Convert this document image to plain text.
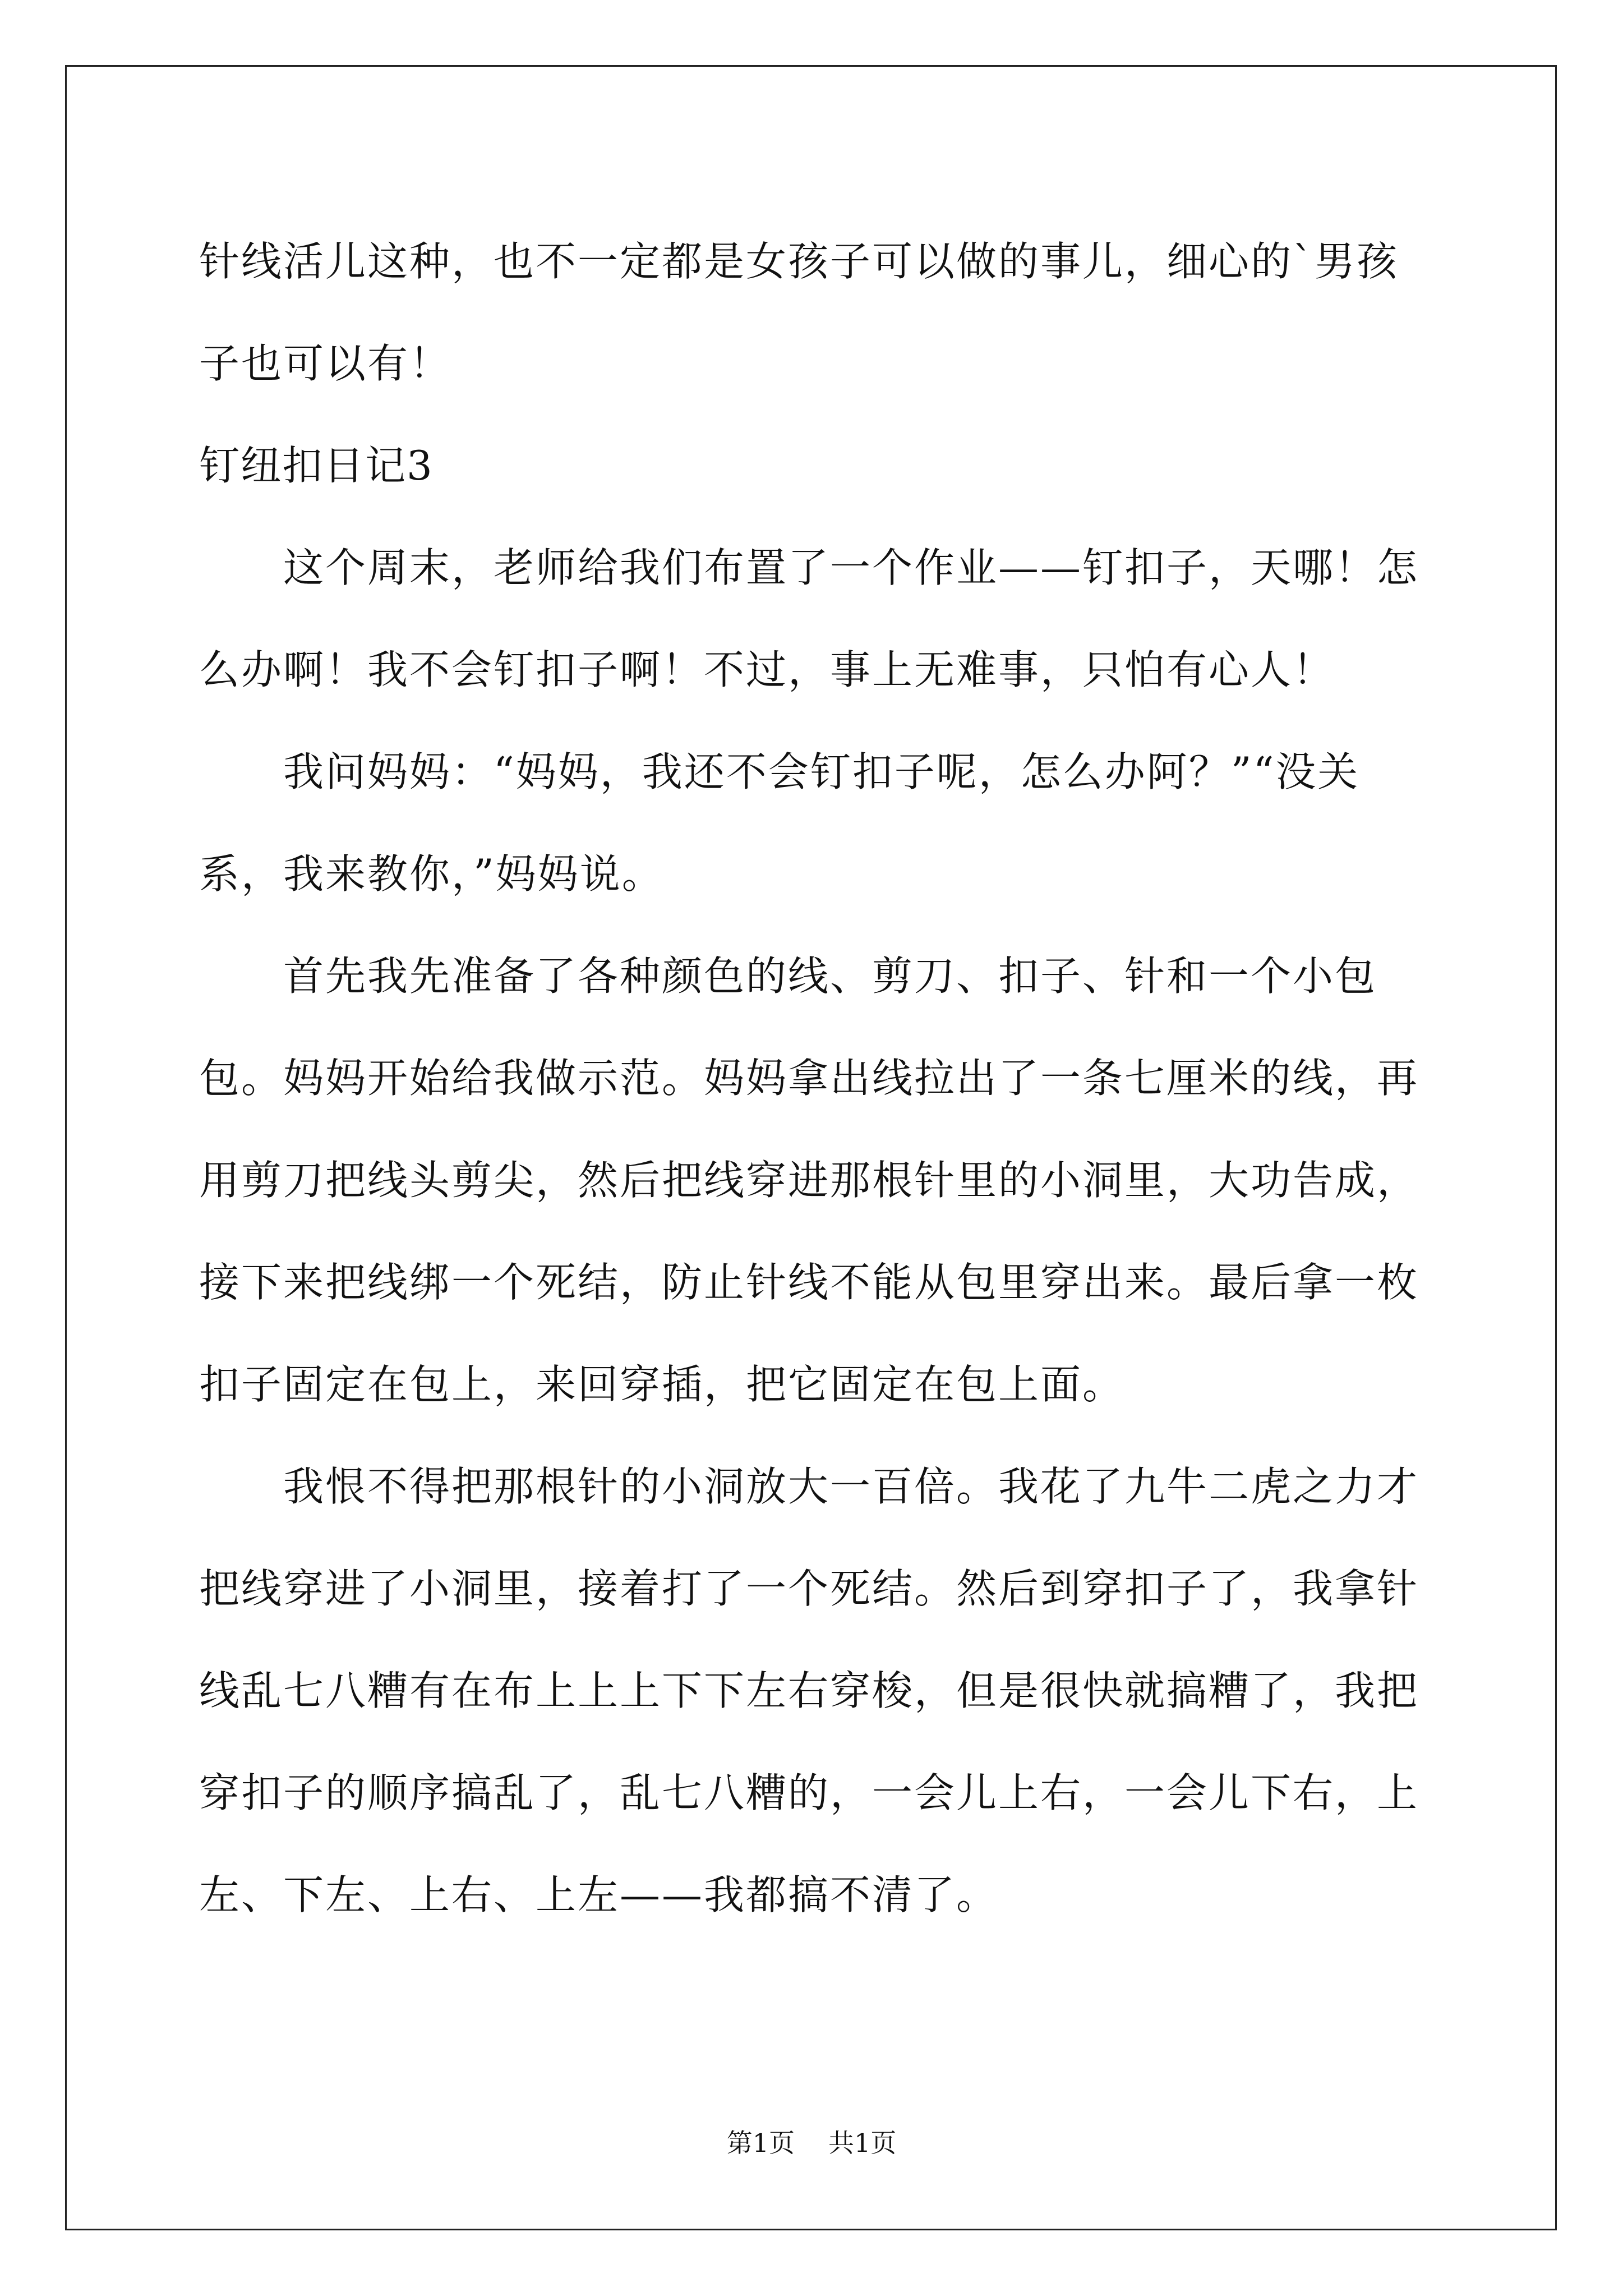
针线活儿这种，也不一定都是女孩子可以做的事儿，细心的`男孩子也可以有！

钉纽扣日记3

这个周末，老师给我们布置了一个作业——钉扣子，天哪！怎么办啊！我不会钉扣子啊！不过，事上无难事，只怕有心人！

我问妈妈：“妈妈，我还不会钉扣子呢，怎么办阿？”“没关系，我来教你，”妈妈说。

首先我先准备了各种颜色的线、剪刀、扣子、针和一个小包包。妈妈开始给我做示范。妈妈拿出线拉出了一条七厘米的线，再用剪刀把线头剪尖，然后把线穿进那根针里的小洞里，大功告成，接下来把线绑一个死结，防止针线不能从包里穿出来。最后拿一枚扣子固定在包上，来回穿插，把它固定在包上面。

我恨不得把那根针的小洞放大一百倍。我花了九牛二虎之力才把线穿进了小洞里，接着打了一个死结。然后到穿扣子了，我拿针线乱七八糟有在布上上上下下左右穿梭，但是很快就搞糟了，我把穿扣子的顺序搞乱了，乱七八糟的，一会儿上右，一会儿下右，上左、下左、上右、上左——我都搞不清了。

第1页 共1页
